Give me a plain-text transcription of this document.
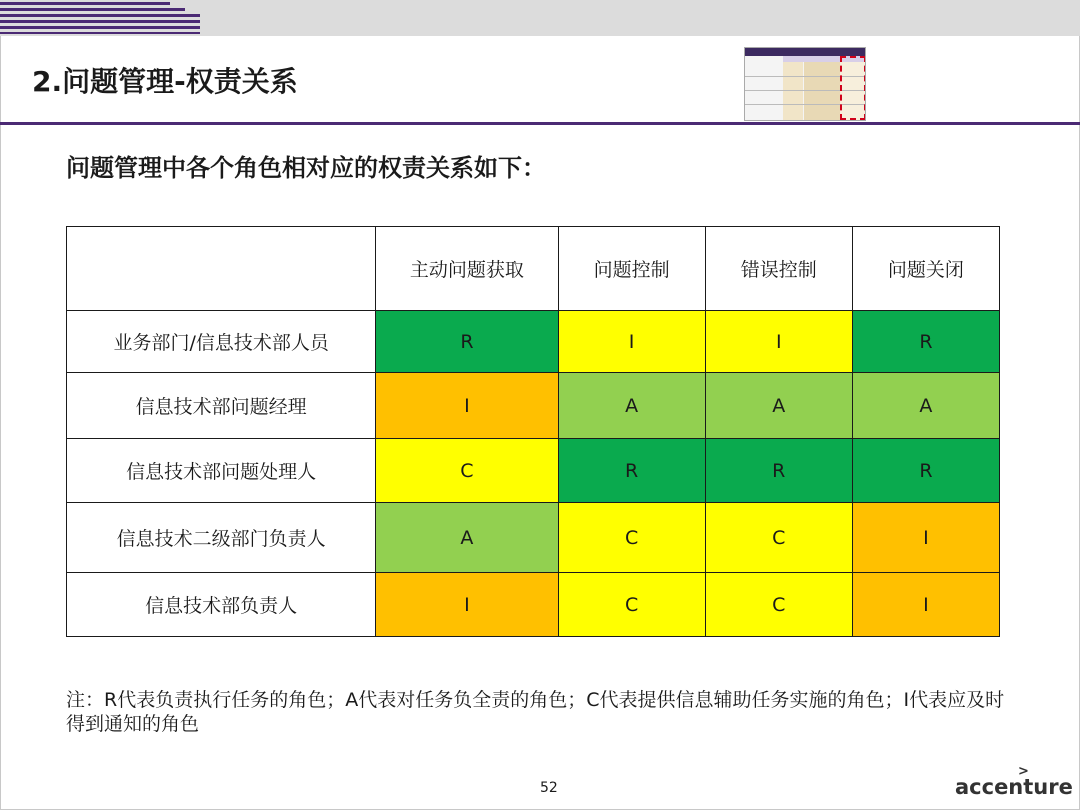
2.问题管理-权责关系
问题管理中各个角色相对应的权责关系如下：
	主动问题获取	问题控制	错误控制	问题关闭
业务部门/信息技术部人员	R	I	I	R
信息技术部问题经理	I	A	A	A
信息技术部问题处理人	C	R	R	R
信息技术二级部门负责人	A	C	C	I
信息技术部负责人	I	C	C	I
注：R代表负责执行任务的角色；A代表对任务负全责的角色；C代表提供信息辅助任务实施的角色；I代表应及时得到通知的角色
52
>
accenture
